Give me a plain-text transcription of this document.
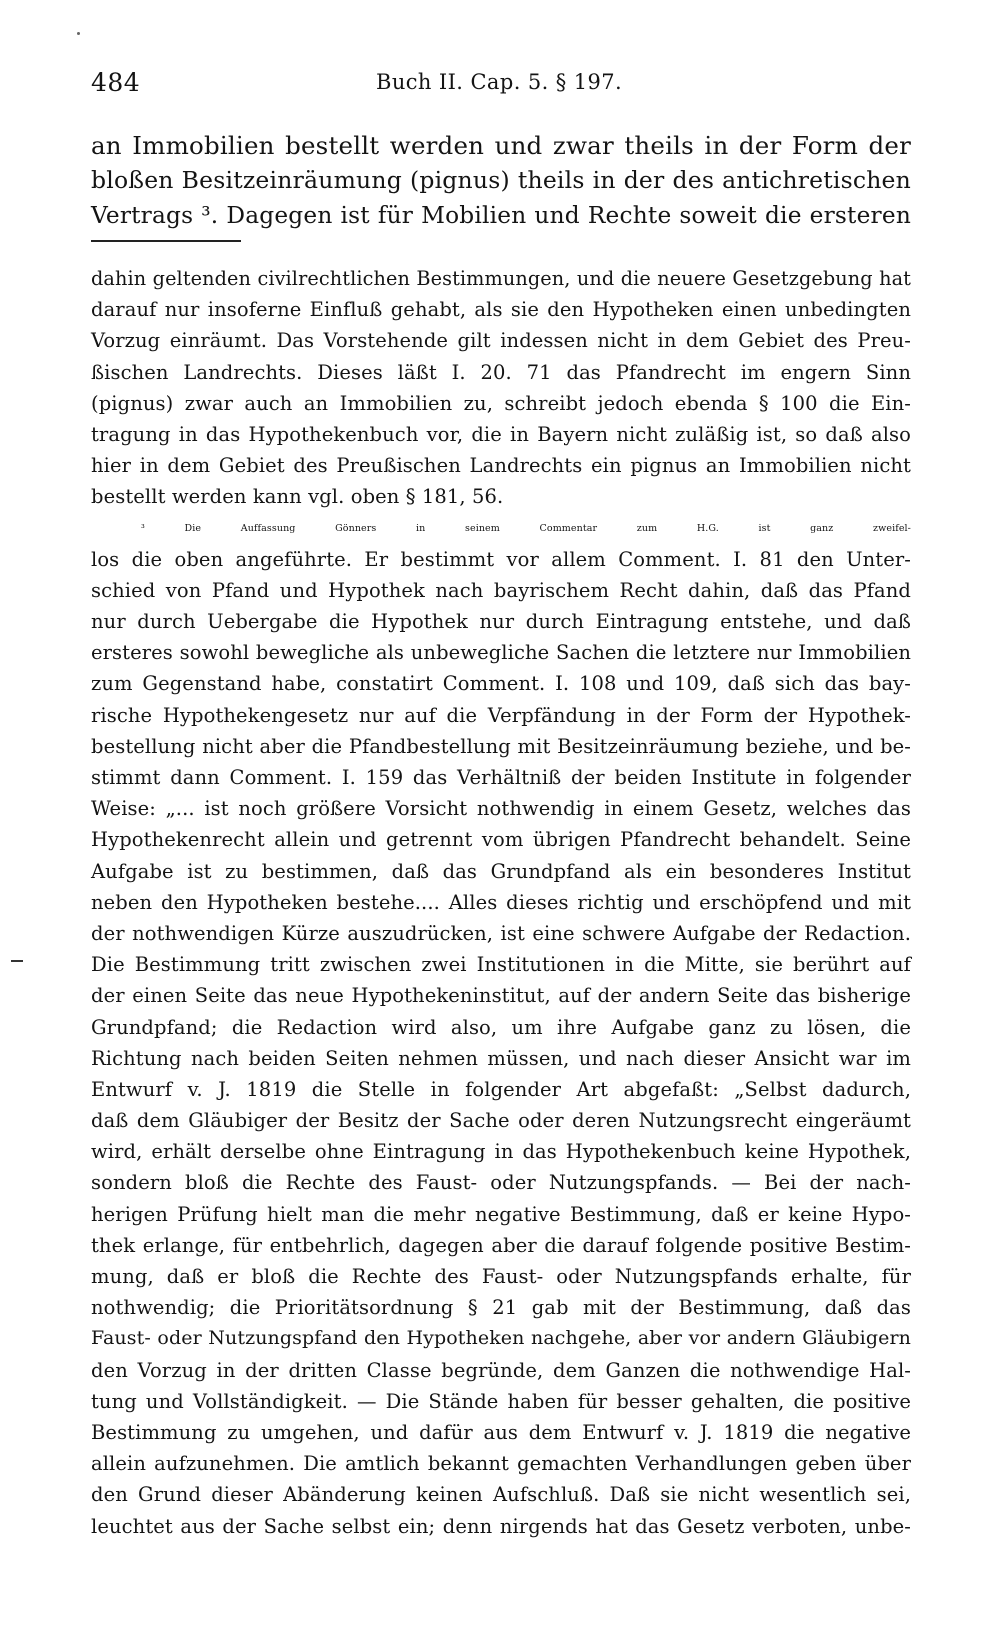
484	Buch II. Cap. 5. § 197.
an Immobilien bestellt werden und zwar theils in der Form der
bloßen Besitzeinräumung (pignus) theils in der des antichretischen
Vertrags ³. Dagegen ist für Mobilien und Rechte soweit die ersteren
dahin geltenden civilrechtlichen Bestimmungen, und die neuere Gesetzgebung hat
darauf nur insoferne Einfluß gehabt, als sie den Hypotheken einen unbedingten
Vorzug einräumt. Das Vorstehende gilt indessen nicht in dem Gebiet des Preu-
ßischen Landrechts. Dieses läßt I. 20. 71 das Pfandrecht im engern Sinn
(pignus) zwar auch an Immobilien zu, schreibt jedoch ebenda § 100 die Ein-
tragung in das Hypothekenbuch vor, die in Bayern nicht zuläßig ist, so daß also
hier in dem Gebiet des Preußischen Landrechts ein pignus an Immobilien nicht
bestellt werden kann vgl. oben § 181, 56.
³ Die Auffassung Gönners in seinem Commentar zum H.G. ist ganz zweifel-
los die oben angeführte. Er bestimmt vor allem Comment. I. 81 den Unter-
schied von Pfand und Hypothek nach bayrischem Recht dahin, daß das Pfand
nur durch Uebergabe die Hypothek nur durch Eintragung entstehe, und daß
ersteres sowohl bewegliche als unbewegliche Sachen die letztere nur Immobilien
zum Gegenstand habe, constatirt Comment. I. 108 und 109, daß sich das bay-
rische Hypothekengesetz nur auf die Verpfändung in der Form der Hypothek-
bestellung nicht aber die Pfandbestellung mit Besitzeinräumung beziehe, und be-
stimmt dann Comment. I. 159 das Verhältniß der beiden Institute in folgender
Weise: „... ist noch größere Vorsicht nothwendig in einem Gesetz, welches das
Hypothekenrecht allein und getrennt vom übrigen Pfandrecht behandelt. Seine
Aufgabe ist zu bestimmen, daß das Grundpfand als ein besonderes Institut
neben den Hypotheken bestehe.... Alles dieses richtig und erschöpfend und mit
der nothwendigen Kürze auszudrücken, ist eine schwere Aufgabe der Redaction.
Die Bestimmung tritt zwischen zwei Institutionen in die Mitte, sie berührt auf
der einen Seite das neue Hypothekeninstitut, auf der andern Seite das bisherige
Grundpfand; die Redaction wird also, um ihre Aufgabe ganz zu lösen, die
Richtung nach beiden Seiten nehmen müssen, und nach dieser Ansicht war im
Entwurf v. J. 1819 die Stelle in folgender Art abgefaßt: „Selbst dadurch,
daß dem Gläubiger der Besitz der Sache oder deren Nutzungsrecht eingeräumt
wird, erhält derselbe ohne Eintragung in das Hypothekenbuch keine Hypothek,
sondern bloß die Rechte des Faust- oder Nutzungspfands. — Bei der nach-
herigen Prüfung hielt man die mehr negative Bestimmung, daß er keine Hypo-
thek erlange, für entbehrlich, dagegen aber die darauf folgende positive Bestim-
mung, daß er bloß die Rechte des Faust- oder Nutzungspfands erhalte, für
nothwendig; die Prioritätsordnung § 21 gab mit der Bestimmung, daß das
Faust- oder Nutzungspfand den Hypotheken nachgehe, aber vor andern Gläubigern
den Vorzug in der dritten Classe begründe, dem Ganzen die nothwendige Hal-
tung und Vollständigkeit. — Die Stände haben für besser gehalten, die positive
Bestimmung zu umgehen, und dafür aus dem Entwurf v. J. 1819 die negative
allein aufzunehmen. Die amtlich bekannt gemachten Verhandlungen geben über
den Grund dieser Abänderung keinen Aufschluß. Daß sie nicht wesentlich sei,
leuchtet aus der Sache selbst ein; denn nirgends hat das Gesetz verboten, unbe-
